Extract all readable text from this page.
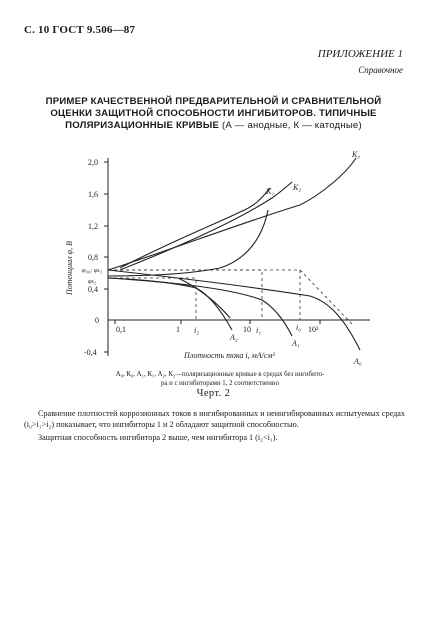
С. 10 ГОСТ 9.506—87
ПРИЛОЖЕНИЕ 1
Справочное
ПРИМЕР КАЧЕСТВЕННОЙ ПРЕДВАРИТЕЛЬНОЙ И СРАВНИТЕЛЬНОЙ
ОЦЕНКИ ЗАЩИТНОЙ СПОСОБНОСТИ ИНГИБИТОРОВ. ТИПИЧНЫЕ
ПОЛЯРИЗАЦИОННЫЕ КРИВЫЕ (А — анодные, К — катодные)
2,0
1,6
1,2
0,8
0,4
0
-0,4
φ₀₀; φₖ₁
φₖ₂
Потенциал φ, В
0,1	1	10	10²
i₂	i₁	i₀
Плотность тока i, мА/см²
К₀
К₁ К₂
А₀
А₁
А₂
А₀, К₀, А₁, К₁, А₂, К₂—поляризационные кривые в средах без ингибито-
ра и с ингибиторами 1, 2 соответственно
Черт. 2

Сравнение плотностей коррозионных токов в ингибированных и неингибированных испытуемых средах (i₀>i₁>i₂) показывает, что ингибиторы 1 и 2 обладают защитной способностью.

Защитная способность ингибитора 2 выше, чем ингибитора 1 (i₂<i₁).
